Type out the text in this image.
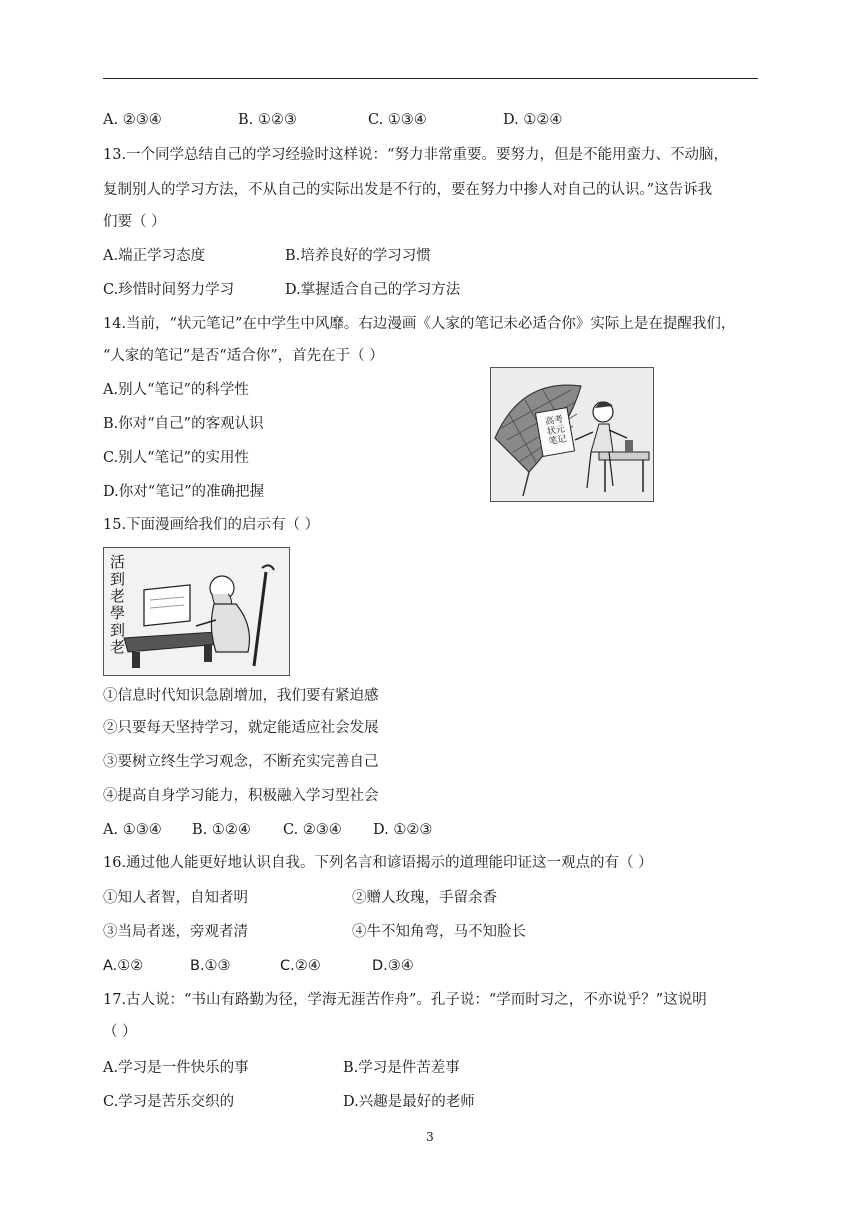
A. ②③④	B. ①②③	C. ①③④	D. ①②④
13.一个同学总结自己的学习经验时这样说：“努力非常重要。要努力，但是不能用蛮力、不动脑，
复制别人的学习方法，不从自己的实际出发是不行的，要在努力中掺人对自己的认识。”这告诉我
们要（ ）
A.端正学习态度	B.培养良好的学习习惯
C.珍惜时间努力学习	D.掌握适合自己的学习方法
14.当前，“状元笔记”在中学生中风靡。右边漫画《人家的笔记未必适合你》实际上是在提醒我们，
“人家的笔记”是否“适合你”，首先在于（ ）
A.别人“笔记”的科学性
B.你对“自己”的客观认识
C.别人“笔记”的实用性
D.你对“笔记”的准确把握
高考状元笔记
15.下面漫画给我们的启示有（ ）
活到老學到老
①信息时代知识急剧增加，我们要有紧迫感
②只要每天坚持学习，就定能适应社会发展
③要树立终生学习观念，不断充实完善自己
④提高自身学习能力，积极融入学习型社会
A. ①③④ B. ①②④ C. ②③④ D. ①②③
16.通过他人能更好地认识自我。下列名言和谚语揭示的道理能印证这一观点的有（ ）
①知人者智，自知者明	②赠人玫瑰，手留余香
③当局者迷，旁观者清	④牛不知角弯，马不知脸长
A.①②	B.①③	C.②④	D.③④
17.古人说：“书山有路勤为径，学海无涯苦作舟”。孔子说：“学而时习之，不亦说乎？”这说明
（ ）
A.学习是一件快乐的事	B.学习是件苦差事
C.学习是苦乐交织的	D.兴趣是最好的老师
3
